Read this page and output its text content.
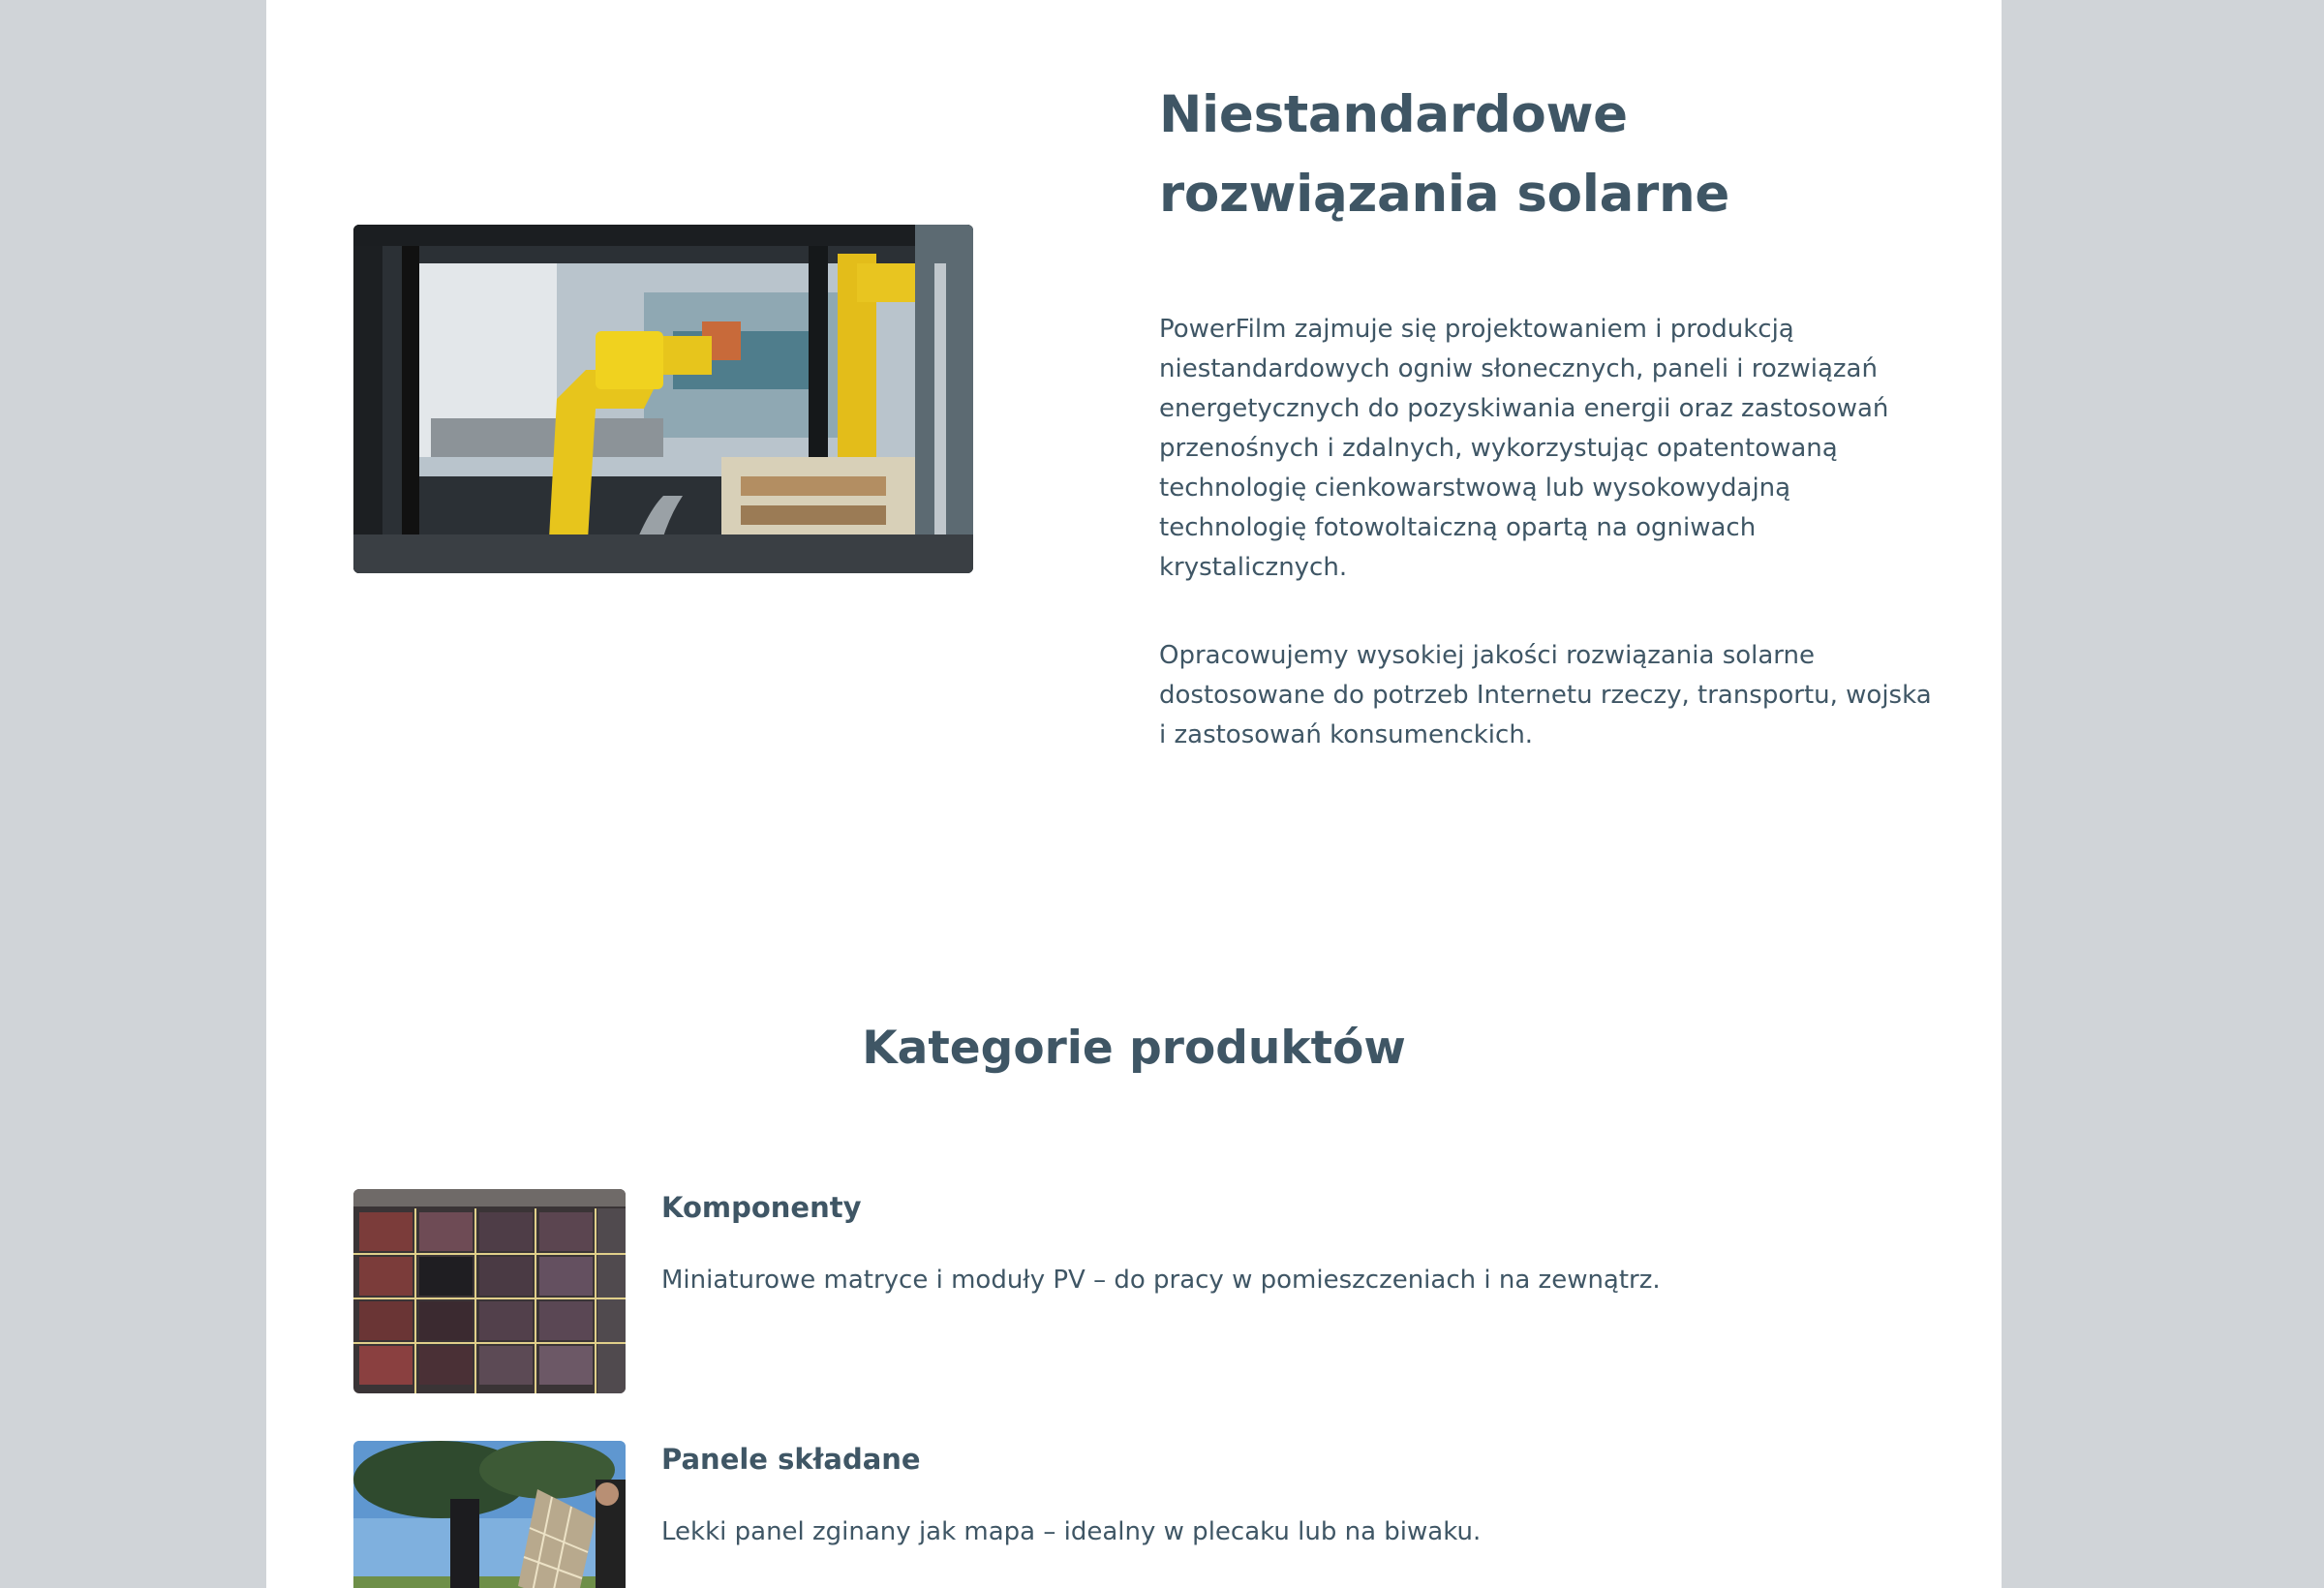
Niestandardowe rozwiązania solarne

PowerFilm zajmuje się projektowaniem i produkcją niestandardowych ogniw słonecznych, paneli i rozwiązań energetycznych do pozyskiwania energii oraz zastosowań przenośnych i zdalnych, wykorzystując opatentowaną technologię cienkowarstwową lub wysokowydajną technologię fotowoltaiczną opartą na ogniwach krystalicznych.

Opracowujemy wysokiej jakości rozwiązania solarne dostosowane do potrzeb Internetu rzeczy, transportu, wojska i zastosowań konsumenckich.

Kategorie produktów
Komponenty
Miniaturowe matryce i moduły PV – do pracy w pomieszczeniach i na zewnątrz.
Panele składane
Lekki panel zginany jak mapa – idealny w plecaku lub na biwaku.
